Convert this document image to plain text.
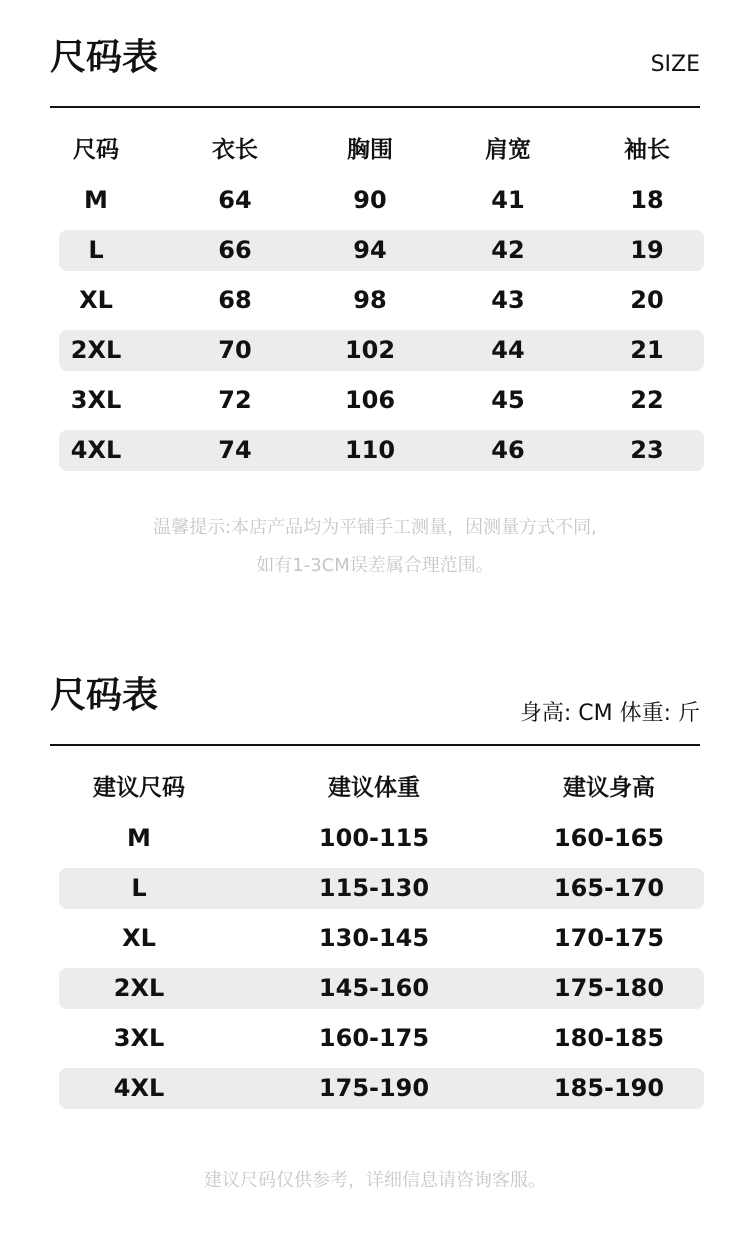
尺码表	SIZE
尺码	衣长	胸围	肩宽	袖长
M	64	90	41	18
L	66	94	42	19
XL	68	98	43	20
2XL	70	102	44	21
3XL	72	106	45	22
4XL	74	110	46	23
温馨提示:本店产品均为平铺手工测量，因测量方式不同,
如有1-3CM误差属合理范围。
尺码表	身高: CM 体重: 斤
建议尺码	建议体重	建议身高
M	100-115	160-165
L	115-130	165-170
XL	130-145	170-175
2XL	145-160	175-180
3XL	160-175	180-185
4XL	175-190	185-190
建议尺码仅供参考，详细信息请咨询客服。
